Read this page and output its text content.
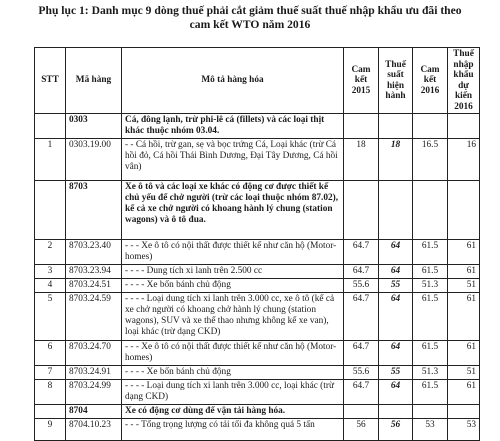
Phụ lục 1: Danh mục 9 dòng thuế phải cắt giảm thuế suất thuế nhập khẩu ưu đãi theo
cam kết WTO năm 2016
STT	Mã hàng	Mô tả hàng hóa	Cam kết 2015	Thuế suất hiện hành	Cam kết 2016	Thuế nhập khẩu dự kiến 2016
	0303	Cá, đông lạnh, trừ phi-lê cá (fillets) và các loại thịt khác thuộc nhóm 03.04.				
1	0303.19.00	- - Cá hồi, trừ gan, sẹ và bọc trứng Cá, Loại khác (trừ Cá hồi đỏ, Cá hồi Thái Bình Dương, Đại Tây Dương, Cá hồi vân)	18	18	16.5	16
	8703	Xe ô tô và các loại xe khác có động cơ được thiết kế chủ yếu để chở người (trừ các loại thuộc nhóm 87.02), kể cả xe chở người có khoang hành lý chung (station wagons) và ô tô đua.				
2	8703.23.40	- - - Xe ô tô có nội thất được thiết kế như căn hộ (Motor-homes)	64.7	64	61.5	61
3	8703.23.94	- - - - Dung tích xi lanh trên 2.500 cc	64.7	64	61.5	61
4	8703.24.51	- - - - Xe bốn bánh chủ động	55.6	55	51.3	51
5	8703.24.59	- - - - Loại dung tích xi lanh trên 3.000 cc, xe ô tô (kể cả xe chở người có khoang chở hành lý chung (station wagons), SUV và xe thể thao nhưng không kể xe van), loại khác (trừ dạng CKD)	64.7	64	61.5	61
6	8703.24.70	- - - Xe ô tô có nội thất được thiết kế như căn hộ (Motor-homes)	64.7	64	61.5	61
7	8703.24.91	- - - - Xe bốn bánh chủ động	55.6	55	51.3	51
8	8703.24.99	- - - - Loại dung tích xi lanh trên 3.000 cc, loại khác (trừ dạng CKD)	64.7	64	61.5	61
	8704	Xe có động cơ dùng để vận tải hàng hóa.				
9	8704.10.23	- - - Tổng trọng lượng có tải tối đa không quá 5 tấn	56	56	53	53
